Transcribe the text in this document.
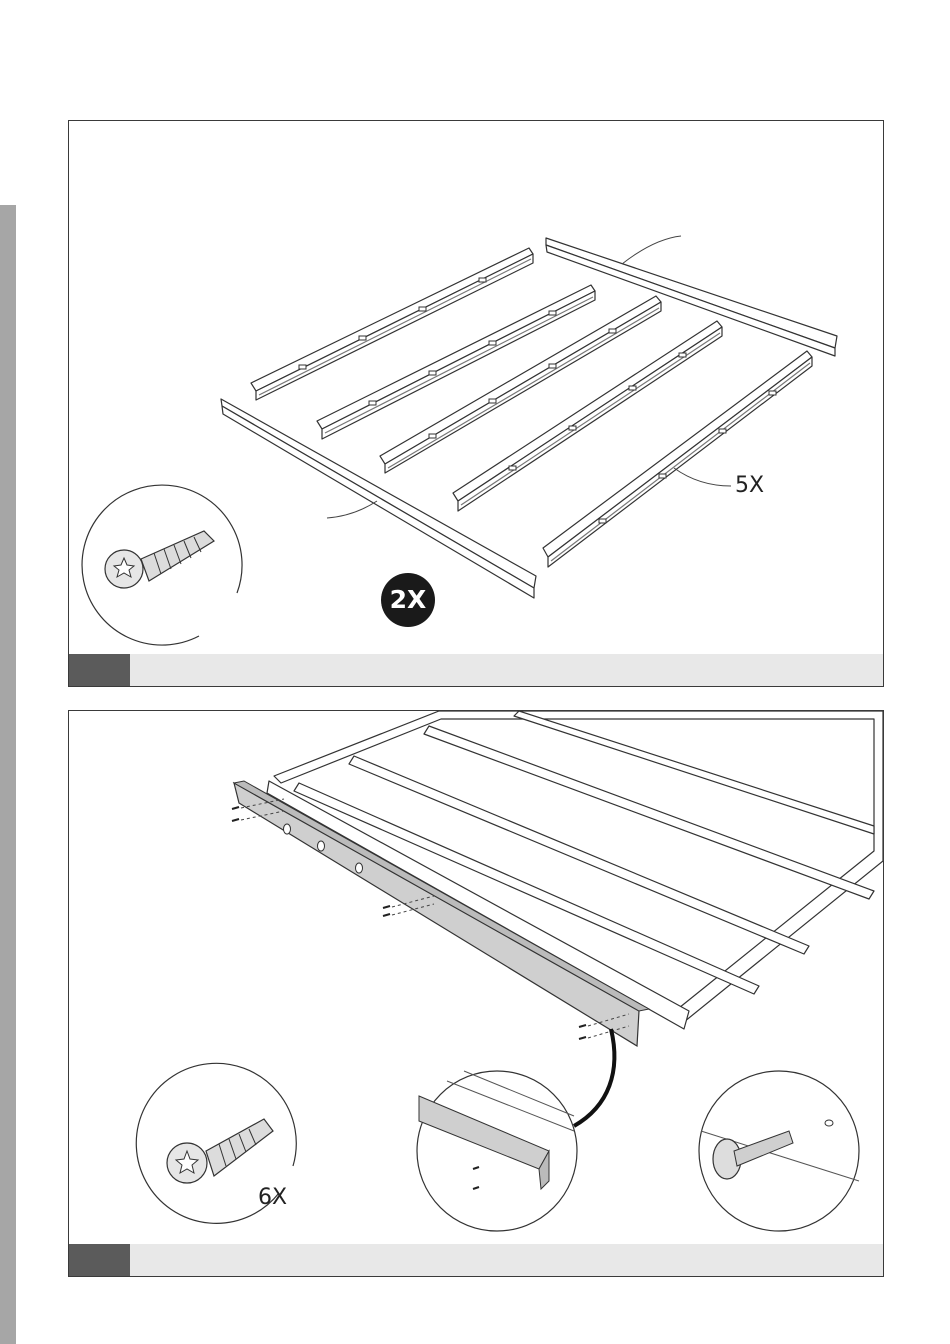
5X
2X
6X
